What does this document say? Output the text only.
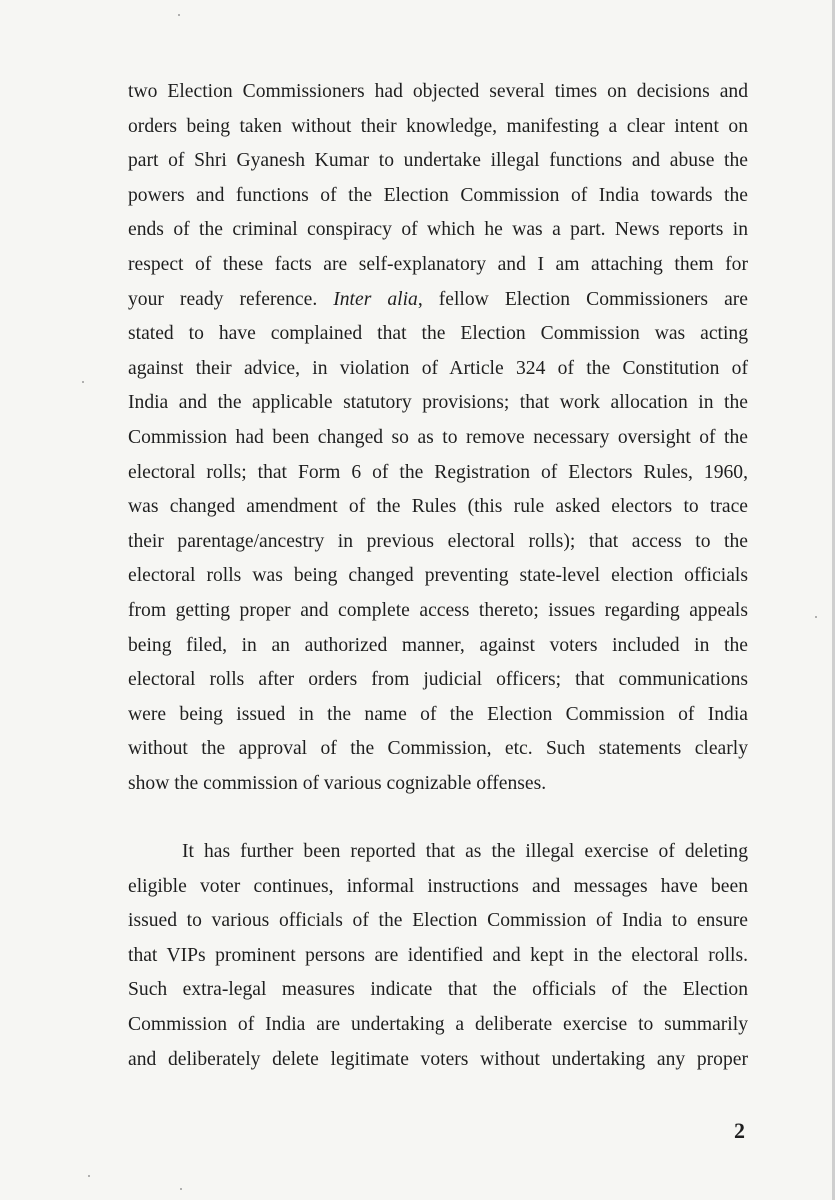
two Election Commissioners had objected several times on decisions and
orders being taken without their knowledge, manifesting a clear intent on
part of Shri Gyanesh Kumar to undertake illegal functions and abuse the
powers and functions of the Election Commission of India towards the
ends of the criminal conspiracy of which he was a part. News reports in
respect of these facts are self-explanatory and I am attaching them for
your ready reference. Inter alia, fellow Election Commissioners are
stated to have complained that the Election Commission was acting
against their advice, in violation of Article 324 of the Constitution of
India and the applicable statutory provisions; that work allocation in the
Commission had been changed so as to remove necessary oversight of the
electoral rolls; that Form 6 of the Registration of Electors Rules, 1960,
was changed amendment of the Rules (this rule asked electors to trace
their parentage/ancestry in previous electoral rolls); that access to the
electoral rolls was being changed preventing state-level election officials
from getting proper and complete access thereto; issues regarding appeals
being filed, in an authorized manner, against voters included in the
electoral rolls after orders from judicial officers; that communications
were being issued in the name of the Election Commission of India
without the approval of the Commission, etc. Such statements clearly
show the commission of various cognizable offenses.
It has further been reported that as the illegal exercise of deleting
eligible voter continues, informal instructions and messages have been
issued to various officials of the Election Commission of India to ensure
that VIPs prominent persons are identified and kept in the electoral rolls.
Such extra-legal measures indicate that the officials of the Election
Commission of India are undertaking a deliberate exercise to summarily
and deliberately delete legitimate voters without undertaking any proper
2
